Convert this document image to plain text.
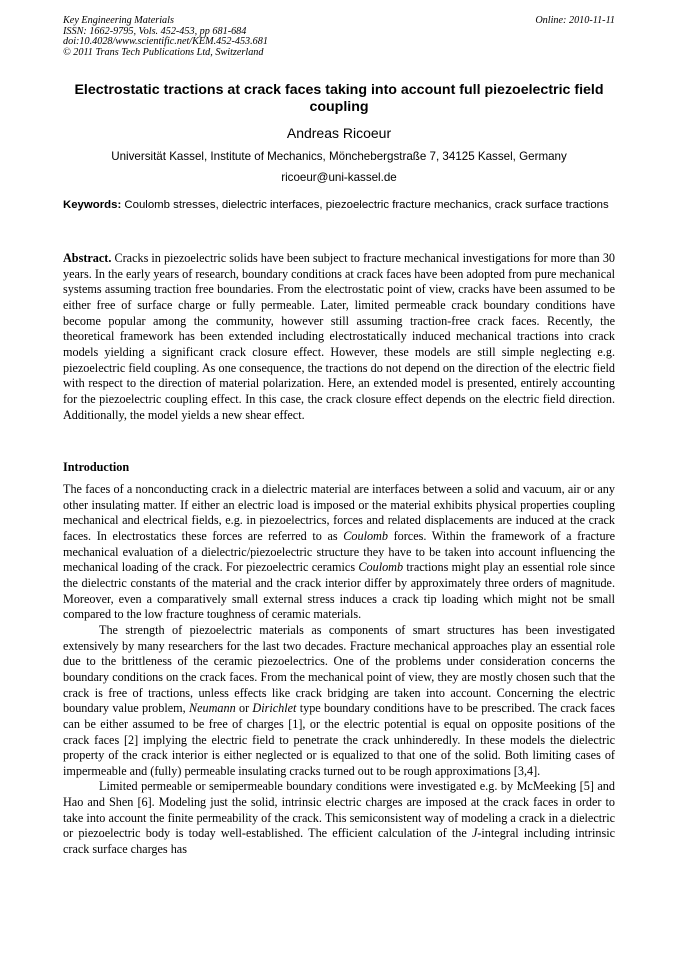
Key Engineering Materials
ISSN: 1662-9795, Vols. 452-453, pp 681-684
doi:10.4028/www.scientific.net/KEM.452-453.681
© 2011 Trans Tech Publications Ltd, Switzerland
Online: 2010-11-11
Electrostatic tractions at crack faces taking into account full piezoelectric field coupling
Andreas Ricoeur
Universität Kassel, Institute of Mechanics, Mönchebergstraße 7, 34125 Kassel, Germany
ricoeur@uni-kassel.de
Keywords: Coulomb stresses, dielectric interfaces, piezoelectric fracture mechanics, crack surface tractions

Abstract. Cracks in piezoelectric solids have been subject to fracture mechanical investigations for more than 30 years. In the early years of research, boundary conditions at crack faces have been adopted from pure mechanical systems assuming traction free boundaries. From the electrostatic point of view, cracks have been assumed to be either free of surface charge or fully permeable. Later, limited permeable crack boundary conditions have become popular among the community, however still assuming traction-free crack faces. Recently, the theoretical framework has been extended including electrostatically induced mechanical tractions into crack models yielding a significant crack closure effect. However, these models are still simple neglecting e.g. piezoelectric field coupling. As one consequence, the tractions do not depend on the direction of the electric field with respect to the direction of material polarization. Here, an extended model is presented, entirely accounting for the piezoelectric coupling effect. In this case, the crack closure effect depends on the electric field direction. Additionally, the model yields a new shear effect.

Introduction

The faces of a nonconducting crack in a dielectric material are interfaces between a solid and vacuum, air or any other insulating matter. If either an electric load is imposed or the material exhibits physical properties coupling mechanical and electrical fields, e.g. in piezoelectrics, forces and related displacements are induced at the crack faces. In electrostatics these forces are referred to as Coulomb forces. Within the framework of a fracture mechanical evaluation of a dielectric/piezoelectric structure they have to be taken into account influencing the mechanical loading of the crack. For piezoelectric ceramics Coulomb tractions might play an essential role since the dielectric constants of the material and the crack interior differ by approximately three orders of magnitude. Moreover, even a comparatively small external stress induces a crack tip loading which might not be small compared to the low fracture toughness of ceramic materials.

The strength of piezoelectric materials as components of smart structures has been investigated extensively by many researchers for the last two decades. Fracture mechanical approaches play an essential role due to the brittleness of the ceramic piezoelectrics. One of the problems under consideration concerns the boundary conditions on the crack faces. From the mechanical point of view, they are mostly chosen such that the crack is free of tractions, unless effects like crack bridging are taken into account. Concerning the electric boundary value problem, Neumann or Dirichlet type boundary conditions have to be prescribed. The crack faces can be either assumed to be free of charges [1], or the electric potential is equal on opposite positions of the crack faces [2] implying the electric field to penetrate the crack unhinderedly. In these models the dielectric property of the crack interior is either neglected or is equalized to that one of the solid. Both limiting cases of impermeable and (fully) permeable insulating cracks turned out to be rough approximations [3,4].

Limited permeable or semipermeable boundary conditions were investigated e.g. by McMeeking [5] and Hao and Shen [6]. Modeling just the solid, intrinsic electric charges are imposed at the crack faces in order to take into account the finite permeability of the crack. This semiconsistent way of modeling a crack in a dielectric or piezoelectric body is today well-established. The efficient calculation of the J-integral including intrinsic crack surface charges has
